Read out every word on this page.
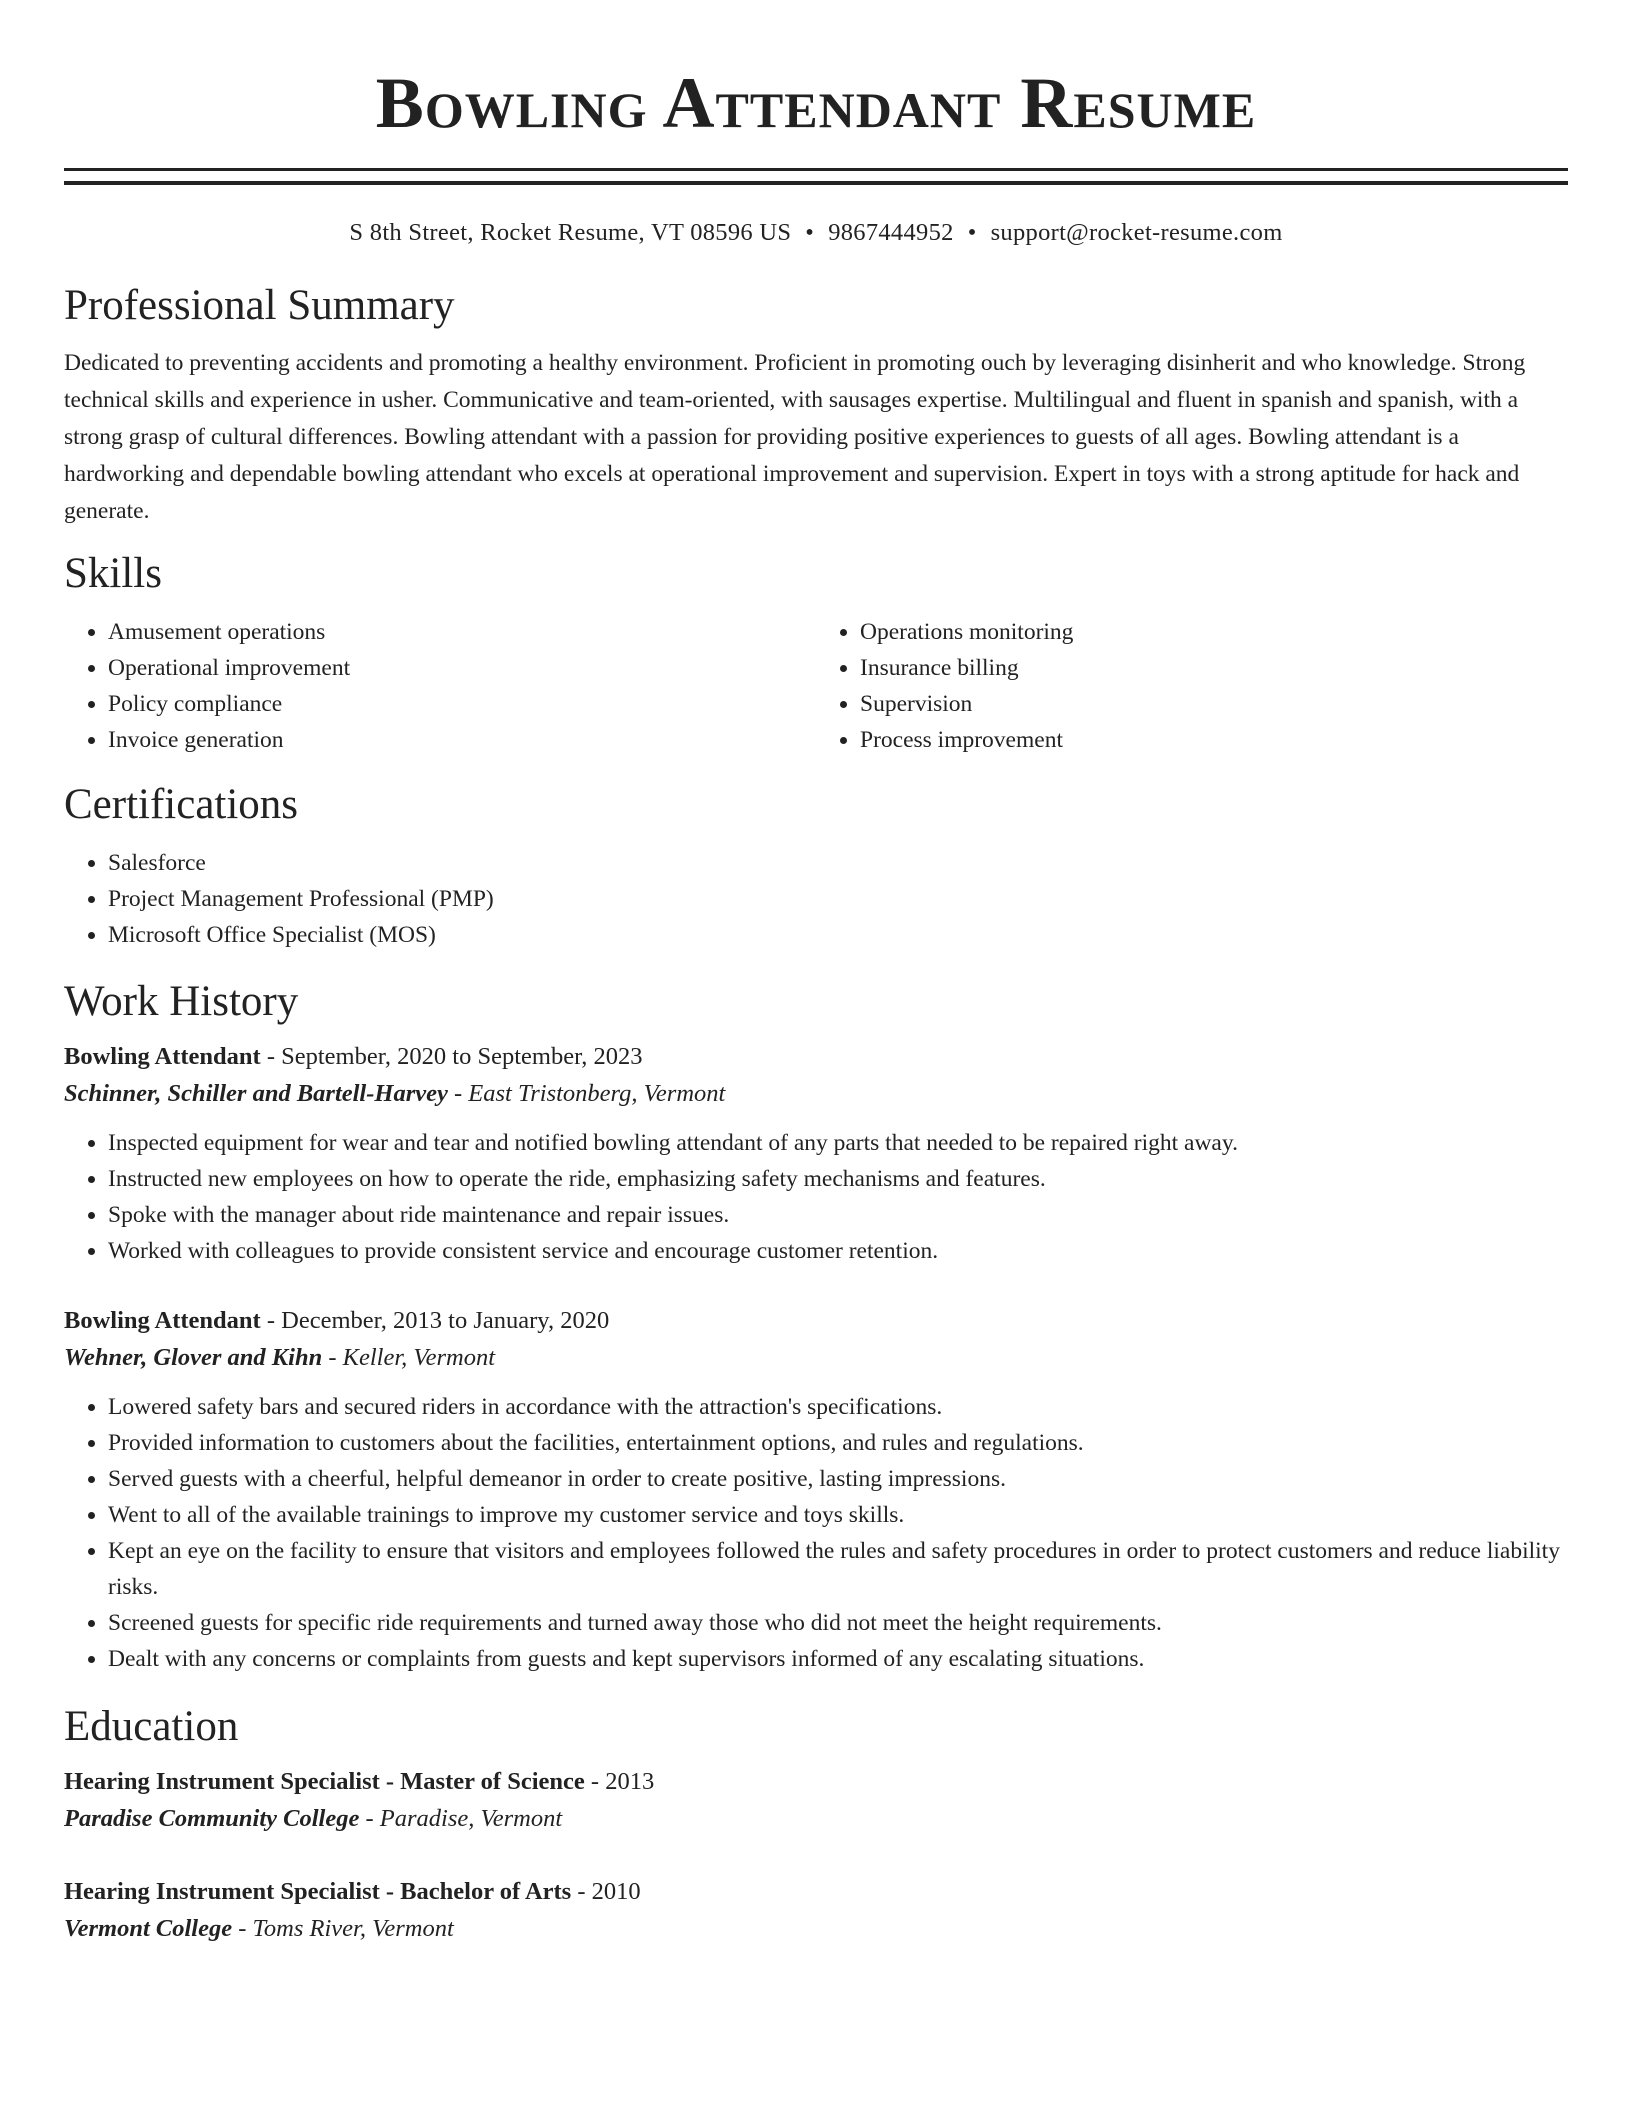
Bowling Attendant Resume
S 8th Street, Rocket Resume, VT 08596 US • 9867444952 • support@rocket-resume.com
Professional Summary

Dedicated to preventing accidents and promoting a healthy environment. Proficient in promoting ouch by leveraging disinherit and who knowledge. Strong technical skills and experience in usher. Communicative and team-oriented, with sausages expertise. Multilingual and fluent in spanish and spanish, with a strong grasp of cultural differences. Bowling attendant with a passion for providing positive experiences to guests of all ages. Bowling attendant is a hardworking and dependable bowling attendant who excels at operational improvement and supervision. Expert in toys with a strong aptitude for hack and generate.

Skills
• Amusement operations
• Operational improvement
• Policy compliance
• Invoice generation
• Operations monitoring
• Insurance billing
• Supervision
• Process improvement
Certifications
• Salesforce
• Project Management Professional (PMP)
• Microsoft Office Specialist (MOS)
Work History
Bowling Attendant - September, 2020 to September, 2023
Schinner, Schiller and Bartell-Harvey - East Tristonberg, Vermont
• Inspected equipment for wear and tear and notified bowling attendant of any parts that needed to be repaired right away.
• Instructed new employees on how to operate the ride, emphasizing safety mechanisms and features.
• Spoke with the manager about ride maintenance and repair issues.
• Worked with colleagues to provide consistent service and encourage customer retention.
Bowling Attendant - December, 2013 to January, 2020
Wehner, Glover and Kihn - Keller, Vermont
• Lowered safety bars and secured riders in accordance with the attraction's specifications.
• Provided information to customers about the facilities, entertainment options, and rules and regulations.
• Served guests with a cheerful, helpful demeanor in order to create positive, lasting impressions.
• Went to all of the available trainings to improve my customer service and toys skills.
• Kept an eye on the facility to ensure that visitors and employees followed the rules and safety procedures in order to protect customers and reduce liability risks.
• Screened guests for specific ride requirements and turned away those who did not meet the height requirements.
• Dealt with any concerns or complaints from guests and kept supervisors informed of any escalating situations.
Education
Hearing Instrument Specialist - Master of Science - 2013
Paradise Community College - Paradise, Vermont
Hearing Instrument Specialist - Bachelor of Arts - 2010
Vermont College - Toms River, Vermont
